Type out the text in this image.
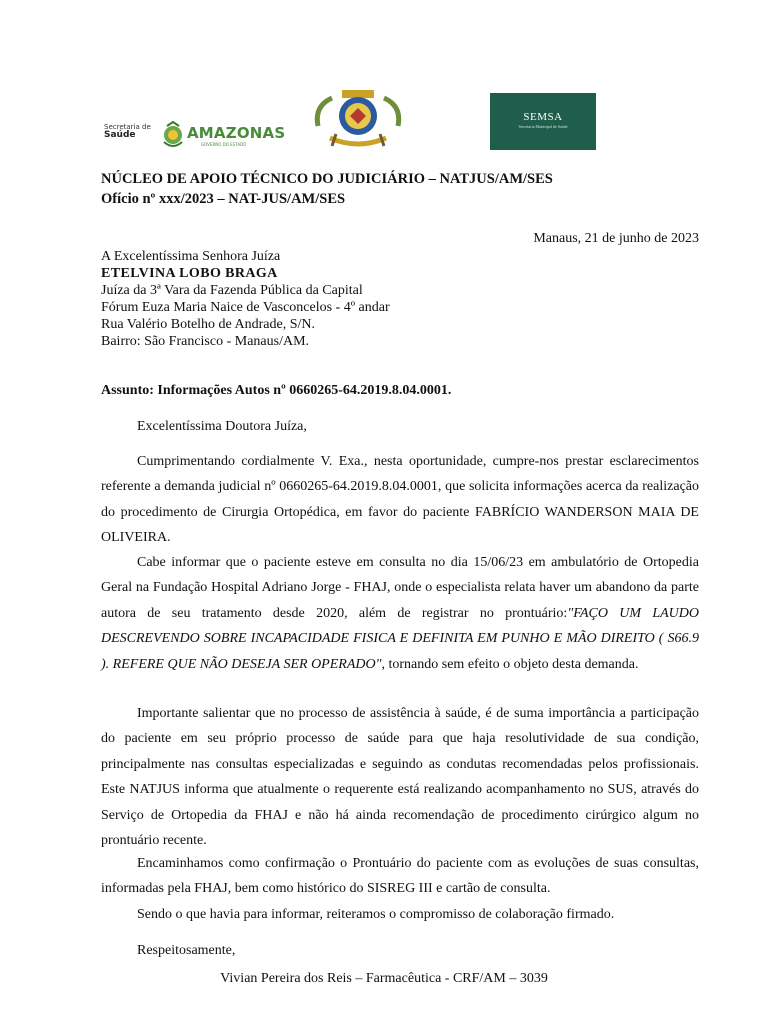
Secretaria de
Saúde	AMAZONAS
GOVERNO DO ESTADO
SEMSA
Secretaria Municipal de Saúde
NÚCLEO DE APOIO TÉCNICO DO JUDICIÁRIO – NATJUS/AM/SES
Ofício nº xxx/2023 – NAT-JUS/AM/SES
Manaus, 21 de junho de 2023
A Excelentíssima Senhora Juíza
ETELVINA LOBO BRAGA
Juíza da 3ª Vara da Fazenda Pública da Capital
Fórum Euza Maria Naice de Vasconcelos - 4º andar
Rua Valério Botelho de Andrade, S/N.
Bairro: São Francisco - Manaus/AM.
Assunto: Informações Autos nº 0660265-64.2019.8.04.0001.
Excelentíssima Doutora Juíza,
Cumprimentando cordialmente V. Exa., nesta oportunidade, cumpre-nos prestar esclarecimentos referente a demanda judicial nº 0660265-64.2019.8.04.0001, que solicita informações acerca da realização do procedimento de Cirurgia Ortopédica, em favor do paciente FABRÍCIO WANDERSON MAIA DE OLIVEIRA.
Cabe informar que o paciente esteve em consulta no dia 15/06/23 em ambulatório de Ortopedia Geral na Fundação Hospital Adriano Jorge - FHAJ, onde o especialista relata haver um abandono da parte autora de seu tratamento desde 2020, além de registrar no prontuário:"FAÇO UM LAUDO DESCREVENDO SOBRE INCAPACIDADE FISICA E DEFINITA EM PUNHO E MÃO DIREITO ( S66.9 ). REFERE QUE NÃO DESEJA SER OPERADO", tornando sem efeito o objeto desta demanda.
Importante salientar que no processo de assistência à saúde, é de suma importância a participação do paciente em seu próprio processo de saúde para que haja resolutividade de sua condição, principalmente nas consultas especializadas e seguindo as condutas recomendadas pelos profissionais. Este NATJUS informa que atualmente o requerente está realizando acompanhamento no SUS, através do Serviço de Ortopedia da FHAJ e não há ainda recomendação de procedimento cirúrgico algum no prontuário recente.
Encaminhamos como confirmação o Prontuário do paciente com as evoluções de suas consultas, informadas pela FHAJ, bem como histórico do SISREG III e cartão de consulta.
Sendo o que havia para informar, reiteramos o compromisso de colaboração firmado.
Respeitosamente,
Vivian Pereira dos Reis – Farmacêutica - CRF/AM – 3039
